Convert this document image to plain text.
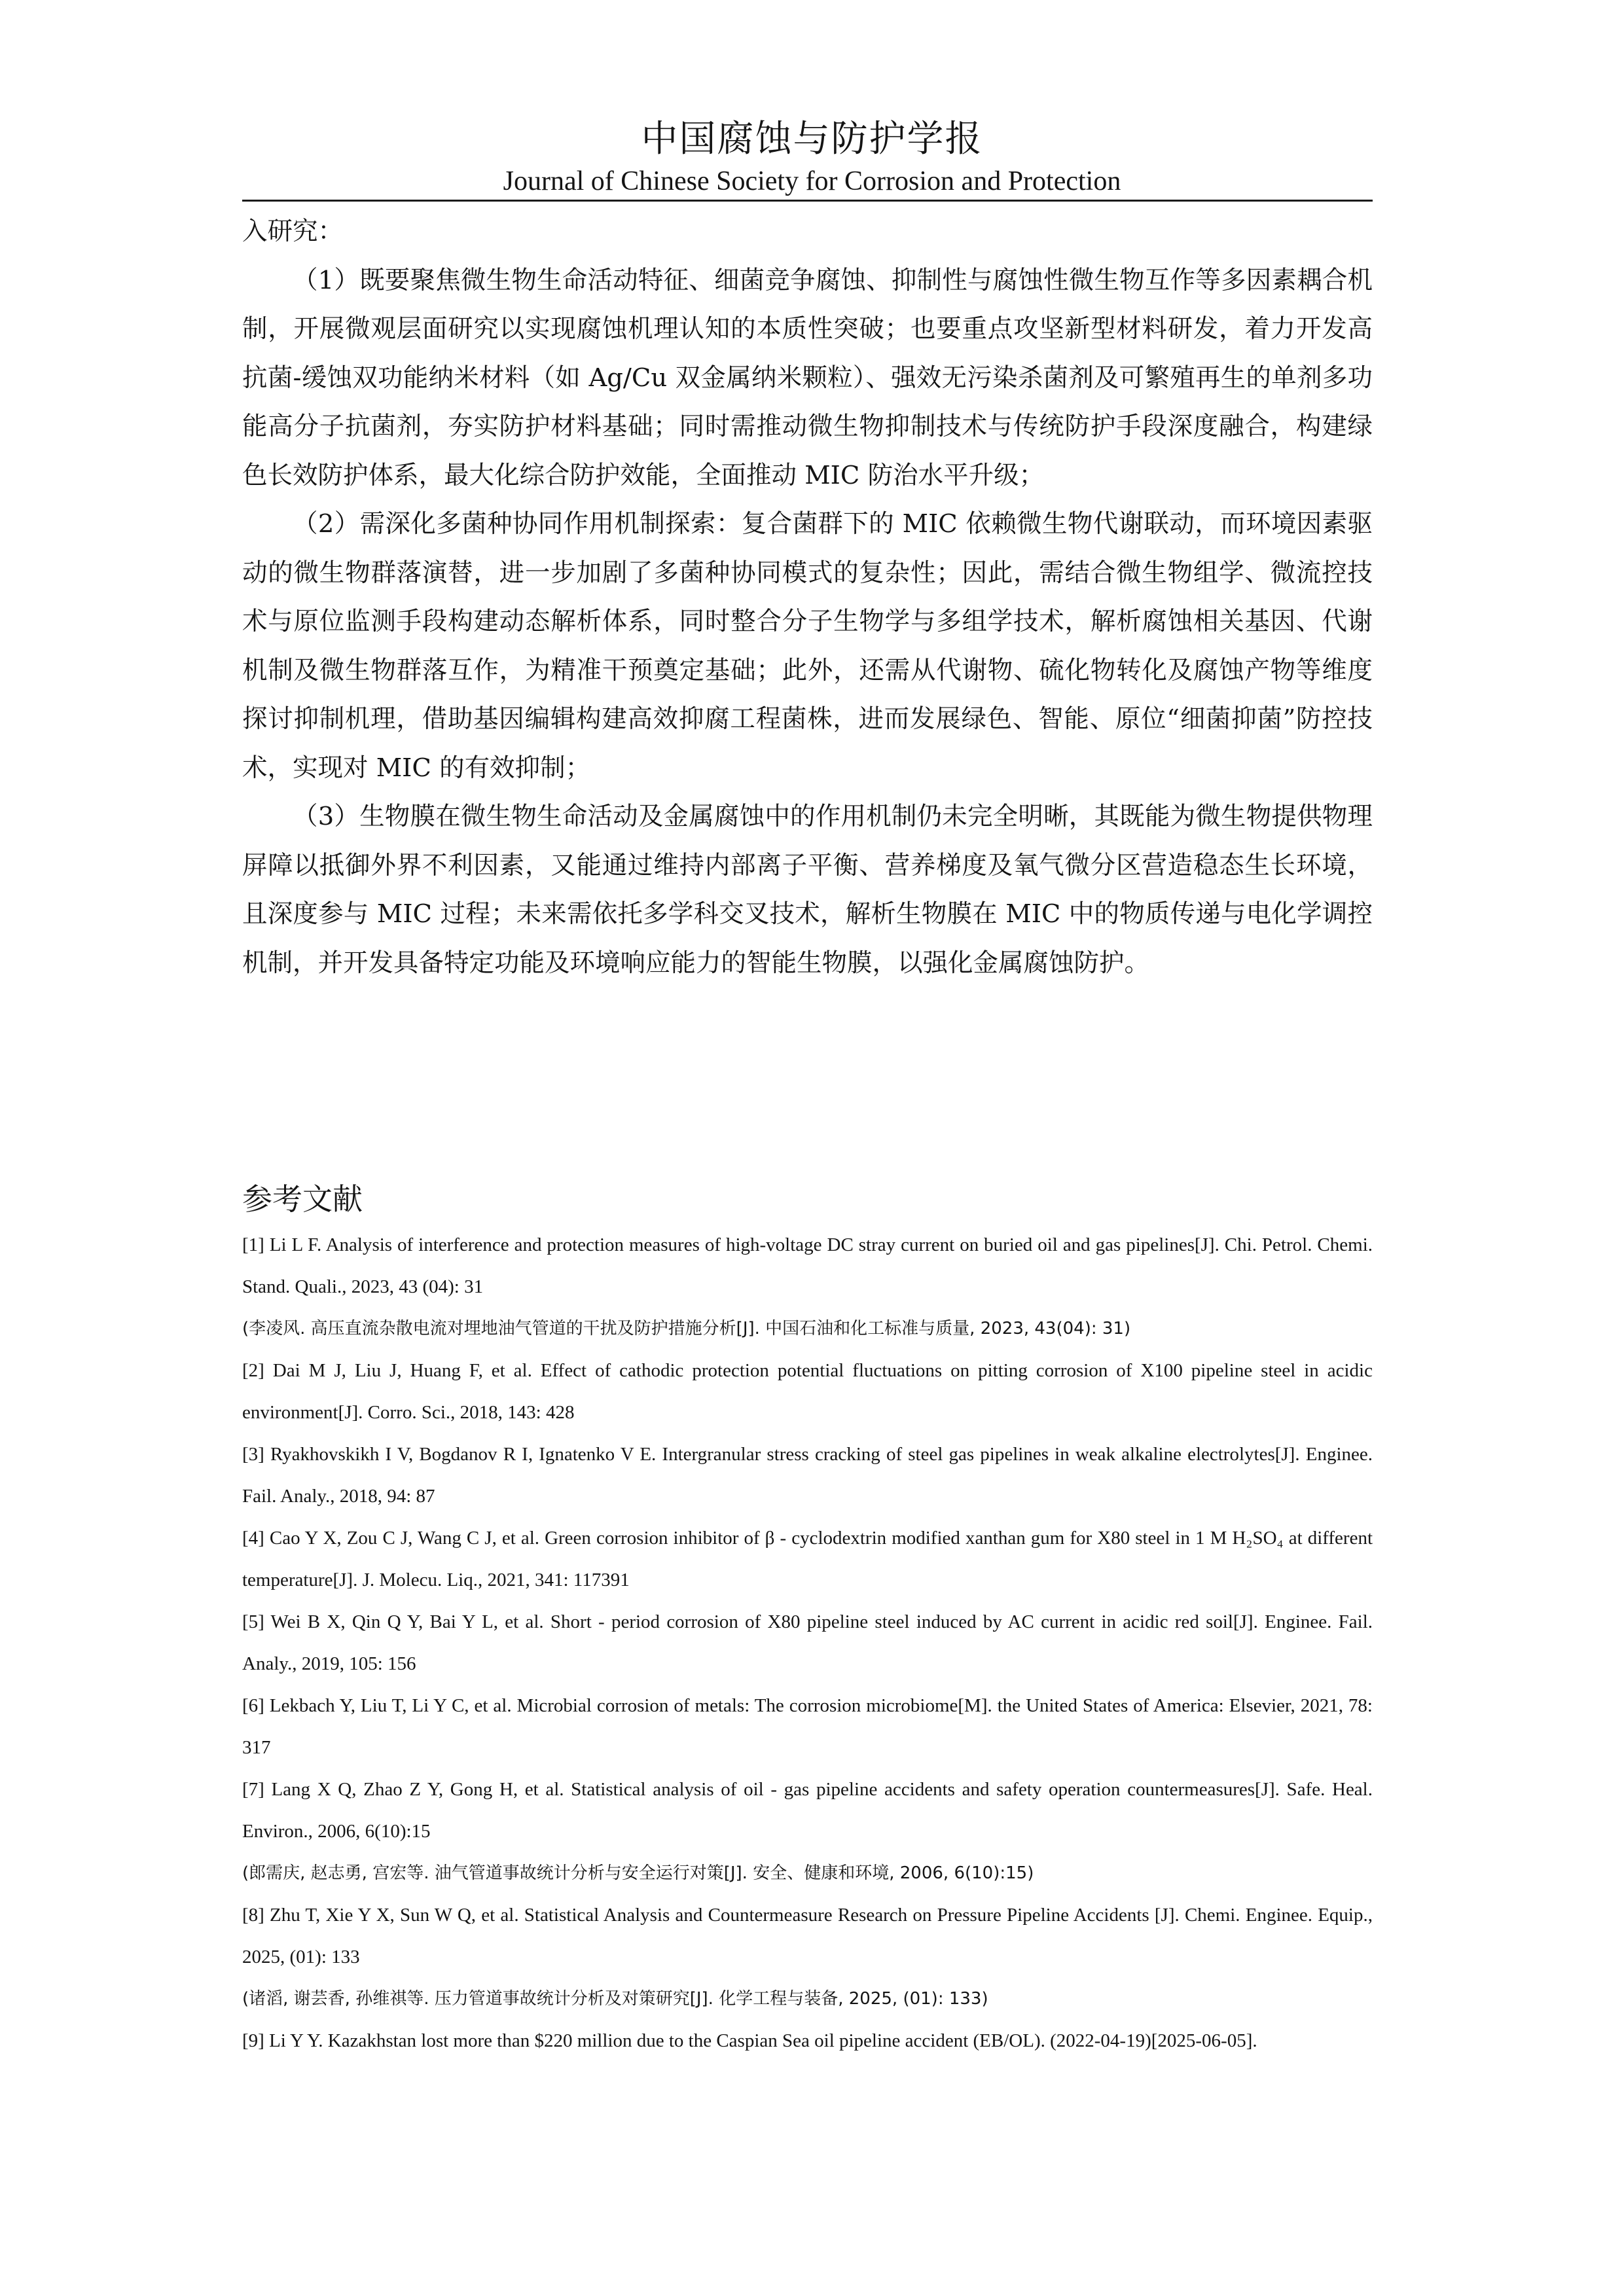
中国腐蚀与防护学报
Journal of Chinese Society for Corrosion and Protection

入研究：

（1）既要聚焦微生物生命活动特征、细菌竞争腐蚀、抑制性与腐蚀性微生物互作等多因素耦合机制，开展微观层面研究以实现腐蚀机理认知的本质性突破；也要重点攻坚新型材料研发，着力开发高抗菌-缓蚀双功能纳米材料（如 Ag/Cu 双金属纳米颗粒）、强效无污染杀菌剂及可繁殖再生的单剂多功能高分子抗菌剂，夯实防护材料基础；同时需推动微生物抑制技术与传统防护手段深度融合，构建绿色长效防护体系，最大化综合防护效能，全面推动 MIC 防治水平升级；

（2）需深化多菌种协同作用机制探索：复合菌群下的 MIC 依赖微生物代谢联动，而环境因素驱动的微生物群落演替，进一步加剧了多菌种协同模式的复杂性；因此，需结合微生物组学、微流控技术与原位监测手段构建动态解析体系，同时整合分子生物学与多组学技术，解析腐蚀相关基因、代谢机制及微生物群落互作，为精准干预奠定基础；此外，还需从代谢物、硫化物转化及腐蚀产物等维度探讨抑制机理，借助基因编辑构建高效抑腐工程菌株，进而发展绿色、智能、原位“细菌抑菌”防控技术，实现对 MIC 的有效抑制；

（3）生物膜在微生物生命活动及金属腐蚀中的作用机制仍未完全明晰，其既能为微生物提供物理屏障以抵御外界不利因素，又能通过维持内部离子平衡、营养梯度及氧气微分区营造稳态生长环境，且深度参与 MIC 过程；未来需依托多学科交叉技术，解析生物膜在 MIC 中的物质传递与电化学调控机制，并开发具备特定功能及环境响应能力的智能生物膜，以强化金属腐蚀防护。

参考文献

[1] Li L F. Analysis of interference and protection measures of high-voltage DC stray current on buried oil and gas pipelines[J]. Chi. Petrol. Chemi. Stand. Quali., 2023, 43 (04): 31

(李凌风. 高压直流杂散电流对埋地油气管道的干扰及防护措施分析[J]. 中国石油和化工标准与质量, 2023, 43(04): 31)

[2] Dai M J, Liu J, Huang F, et al. Effect of cathodic protection potential fluctuations on pitting corrosion of X100 pipeline steel in acidic environment[J]. Corro. Sci., 2018, 143: 428

[3] Ryakhovskikh I V, Bogdanov R I, Ignatenko V E. Intergranular stress cracking of steel gas pipelines in weak alkaline electrolytes[J]. Enginee. Fail. Analy., 2018, 94: 87

[4] Cao Y X, Zou C J, Wang C J, et al. Green corrosion inhibitor of β - cyclodextrin modified xanthan gum for X80 steel in 1 M H₂SO₄ at different temperature[J]. J. Molecu. Liq., 2021, 341: 117391

[5] Wei B X, Qin Q Y, Bai Y L, et al. Short - period corrosion of X80 pipeline steel induced by AC current in acidic red soil[J]. Enginee. Fail. Analy., 2019, 105: 156

[6] Lekbach Y, Liu T, Li Y C, et al. Microbial corrosion of metals: The corrosion microbiome[M]. the United States of America: Elsevier, 2021, 78: 317

[7] Lang X Q, Zhao Z Y, Gong H, et al. Statistical analysis of oil - gas pipeline accidents and safety operation countermeasures[J]. Safe. Heal. Environ., 2006, 6(10):15

(郎需庆, 赵志勇, 宫宏等. 油气管道事故统计分析与安全运行对策[J]. 安全、健康和环境, 2006, 6(10):15)

[8] Zhu T, Xie Y X, Sun W Q, et al. Statistical Analysis and Countermeasure Research on Pressure Pipeline Accidents [J]. Chemi. Enginee. Equip., 2025, (01): 133

(诸滔, 谢芸香, 孙维祺等. 压力管道事故统计分析及对策研究[J]. 化学工程与装备, 2025, (01): 133)

[9] Li Y Y. Kazakhstan lost more than $220 million due to the Caspian Sea oil pipeline accident (EB/OL). (2022-04-19)[2025-06-05].
